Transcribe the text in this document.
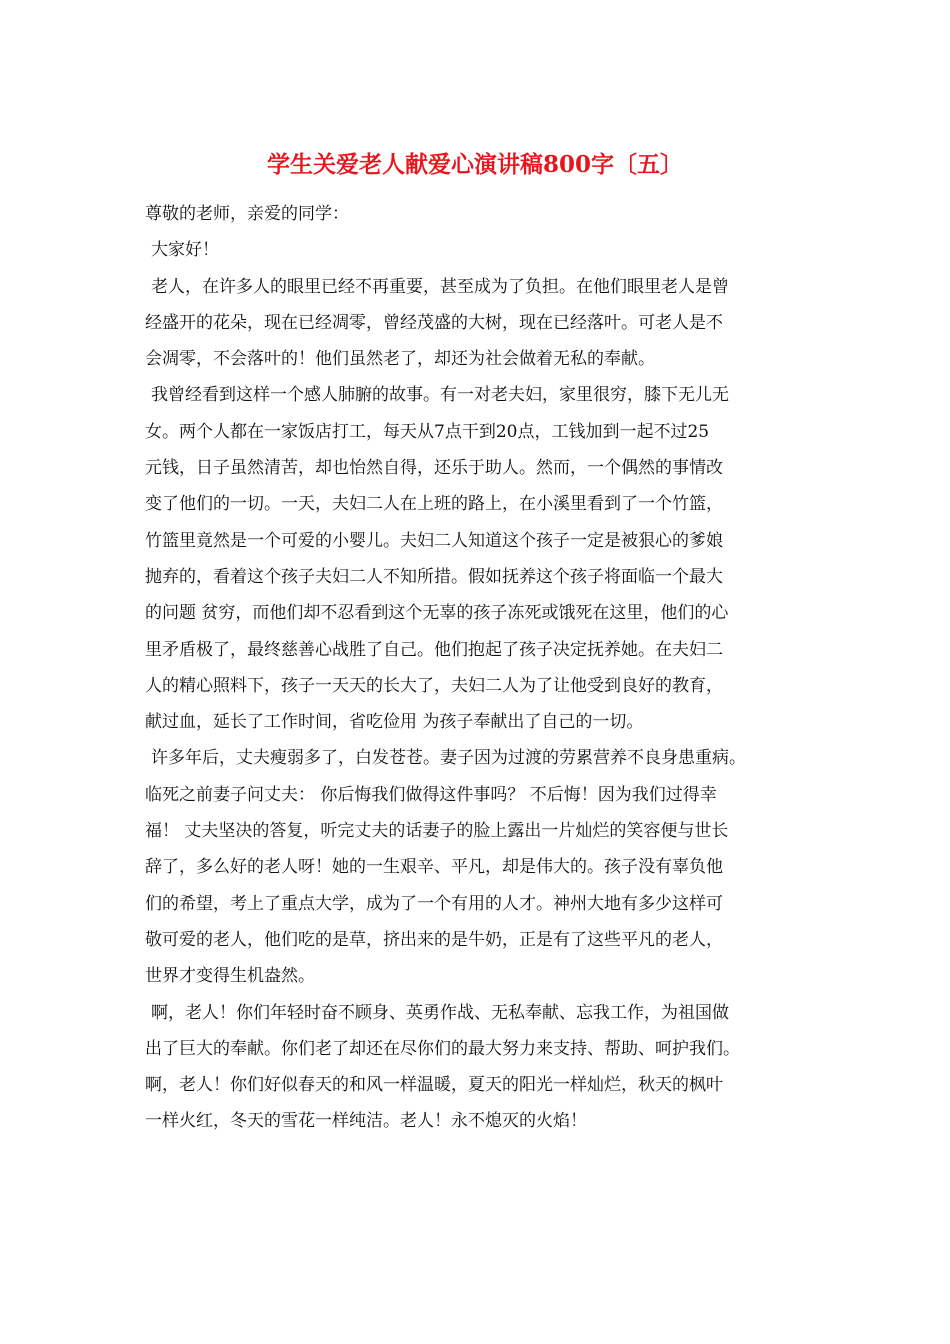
学生关爱老人献爱心演讲稿800字〔五〕
尊敬的老师，亲爱的同学：
大家好！
老人，在许多人的眼里已经不再重要，甚至成为了负担。在他们眼里老人是曾
经盛开的花朵，现在已经凋零，曾经茂盛的大树，现在已经落叶。可老人是不
会凋零，不会落叶的！他们虽然老了，却还为社会做着无私的奉献。
我曾经看到这样一个感人肺腑的故事。有一对老夫妇，家里很穷，膝下无儿无
女。两个人都在一家饭店打工，每天从7点干到20点，工钱加到一起不过25
元钱，日子虽然清苦，却也怡然自得，还乐于助人。然而，一个偶然的事情改
变了他们的一切。一天，夫妇二人在上班的路上，在小溪里看到了一个竹篮，
竹篮里竟然是一个可爱的小婴儿。夫妇二人知道这个孩子一定是被狠心的爹娘
抛弃的，看着这个孩子夫妇二人不知所措。假如抚养这个孩子将面临一个最大
的问题 贫穷，而他们却不忍看到这个无辜的孩子冻死或饿死在这里，他们的心
里矛盾极了，最终慈善心战胜了自己。他们抱起了孩子决定抚养她。在夫妇二
人的精心照料下，孩子一天天的长大了，夫妇二人为了让他受到良好的教育，
献过血，延长了工作时间，省吃俭用 为孩子奉献出了自己的一切。
许多年后，丈夫瘦弱多了，白发苍苍。妻子因为过渡的劳累营养不良身患重病。
临死之前妻子问丈夫： 你后悔我们做得这件事吗？ 不后悔！因为我们过得幸
福！ 丈夫坚决的答复，听完丈夫的话妻子的脸上露出一片灿烂的笑容便与世长
辞了，多么好的老人呀！她的一生艰辛、平凡，却是伟大的。孩子没有辜负他
们的希望，考上了重点大学，成为了一个有用的人才。神州大地有多少这样可
敬可爱的老人，他们吃的是草，挤出来的是牛奶，正是有了这些平凡的老人，
世界才变得生机盎然。
啊，老人！你们年轻时奋不顾身、英勇作战、无私奉献、忘我工作，为祖国做
出了巨大的奉献。你们老了却还在尽你们的最大努力来支持、帮助、呵护我们。
啊，老人！你们好似春天的和风一样温暖，夏天的阳光一样灿烂，秋天的枫叶
一样火红，冬天的雪花一样纯洁。老人！永不熄灭的火焰！
